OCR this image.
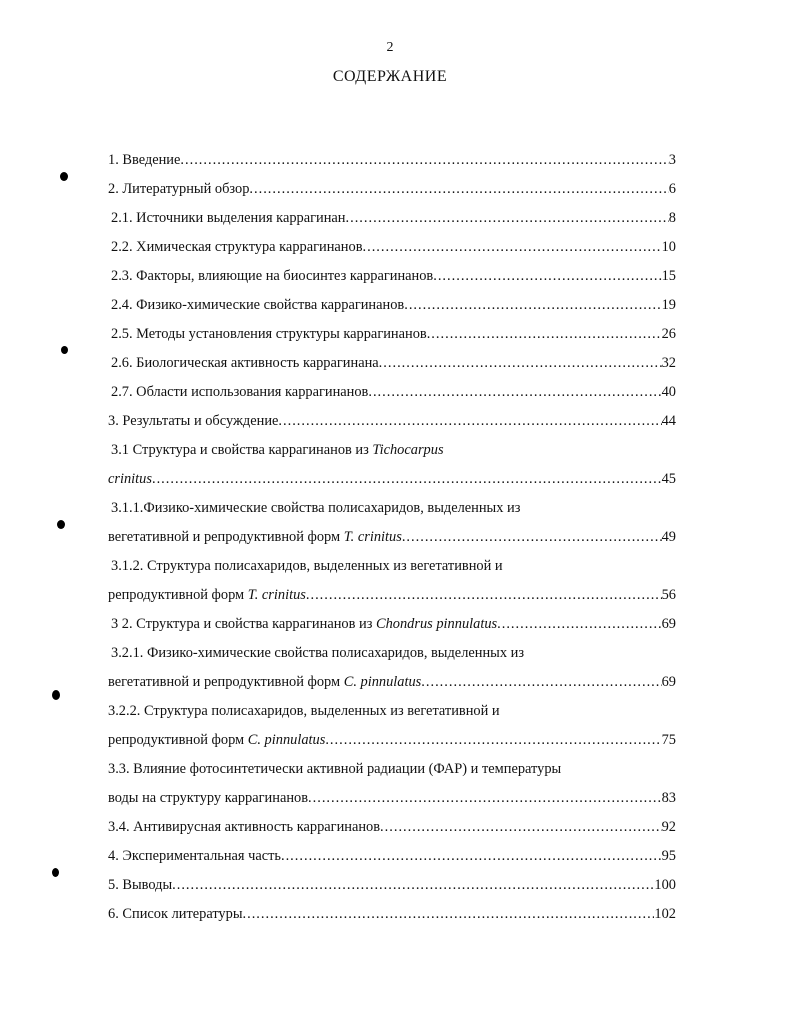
2
СОДЕРЖАНИЕ
1. Введение .....	3
2. Литературный обзор .....	6
2.1. Источники выделения каррагинан .....	8
2.2. Химическая структура каррагинанов .....	10
2.3. Факторы, влияющие на биосинтез каррагинанов .....	15
2.4. Физико-химические свойства каррагинанов .....	19
2.5. Методы установления структуры каррагинанов .....	26
2.6. Биологическая активность каррагинана .....	32
2.7. Области использования каррагинанов .....	40
3. Результаты и обсуждение .....	44
3.1 Структура и свойства каррагинанов из Tichocarpus
crinitus .....	45
3.1.1.Физико-химические свойства полисахаридов, выделенных из
вегетативной и репродуктивной форм T. crinitus .....	49
3.1.2. Структура полисахаридов, выделенных из вегетативной и
репродуктивной форм T. crinitus .....	56
3 2. Структура и свойства каррагинанов из Chondrus pinnulatus .....	69
3.2.1. Физико-химические свойства полисахаридов, выделенных из
вегетативной и репродуктивной форм C. pinnulatus .....	69
3.2.2. Структура полисахаридов, выделенных из вегетативной и
репродуктивной форм C. pinnulatus .....	75
3.3. Влияние фотосинтетически активной радиации (ФАР) и температуры
воды на структуру каррагинанов .....	83
3.4. Антивирусная активность каррагинанов .....	92
4. Экспериментальная часть .....	95
5. Выводы .....	100
6. Список литературы .....	102
